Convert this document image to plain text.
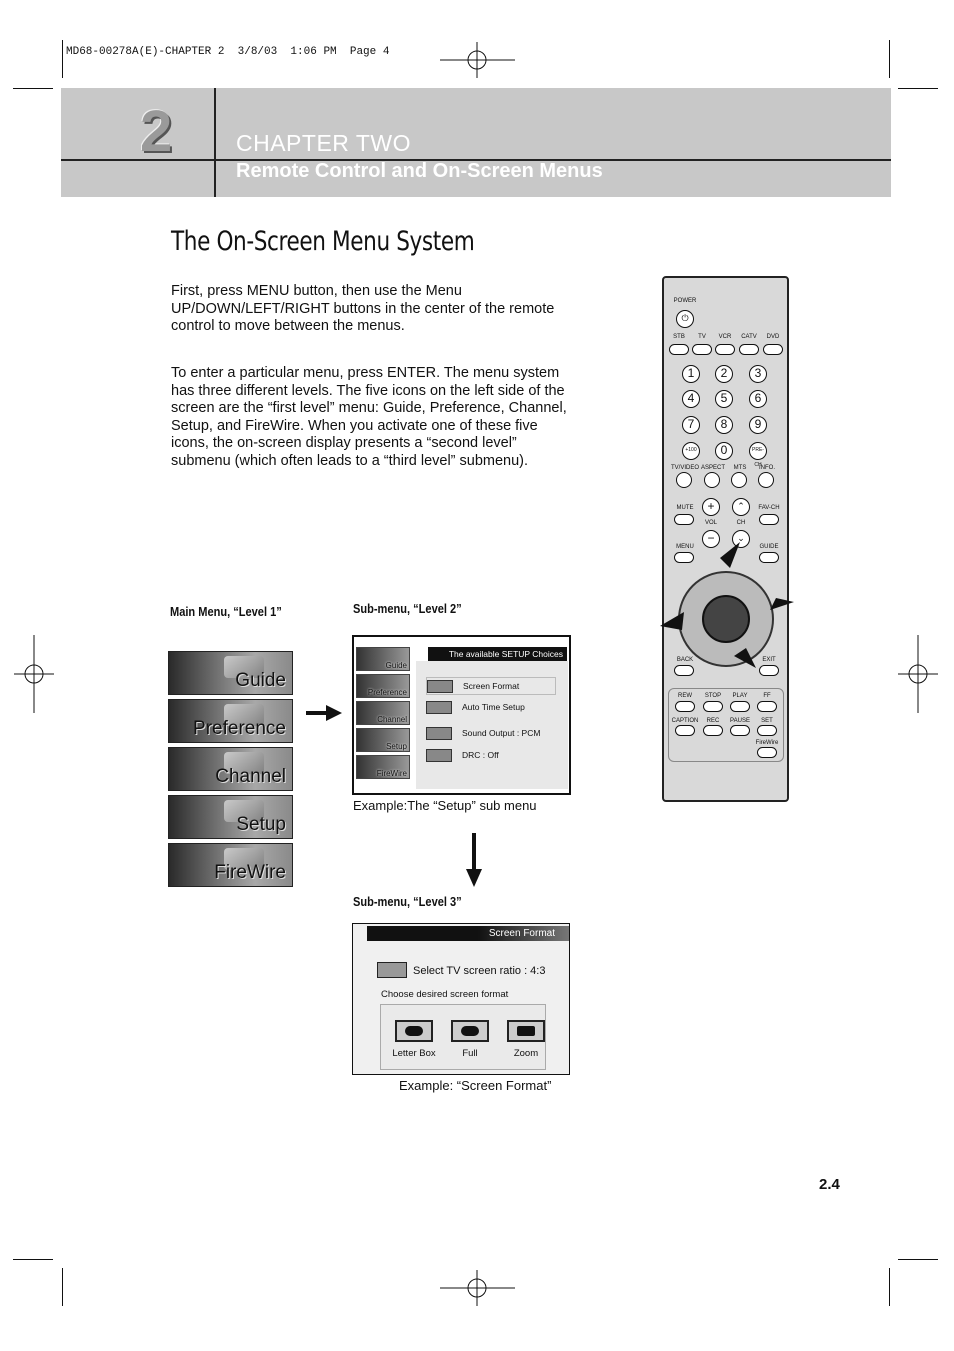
MD68-00278A(E)-CHAPTER 2  3/8/03  1:06 PM  Page 4
2	CHAPTER TWO
Remote Control and On-Screen Menus
The On-Screen Menu System

First, press MENU button, then use the Menu UP/DOWN/LEFT/RIGHT buttons in the center of the remote control to move between the menus.

To enter a particular menu, press ENTER. The menu system has three different levels. The five icons on the left side of the screen are the “first level” menu: Guide, Preference, Channel, Setup, and FireWire. When you activate one of these five icons, the on-screen display presents a “second level” submenu (which often leads to a “third level” submenu).

Main Menu, “Level 1”
Guide
Preference
Channel
Setup
FireWire
Sub-menu, “Level 2”
Guide
Preference
Channel
Setup
FireWire
Screen Format
Auto Time Setup
Sound Output : PCM
DRC : Off
The available SETUP Choices
Example:The “Setup” sub menu
Sub-menu, “Level 3”
Screen Format
Select TV screen ratio : 4:3
Choose desired screen format
Letter Box	Full	Zoom
Example: “Screen Format”
POWER
⏻
STB	TV	VCR	CATV	DVD
1	2	3
4	5	6
7	8	9
+100	0	PRE-CH
TV/VIDEO ASPECT	MTS	INFO.
MUTE	+
VOL
−
⌃
CH
⌄
FAV-CH
MENU	GUIDE
BACK	EXIT
REW	STOP	PLAY	FF
CAPTION	REC	PAUSE	SET
FireWire
2.4
